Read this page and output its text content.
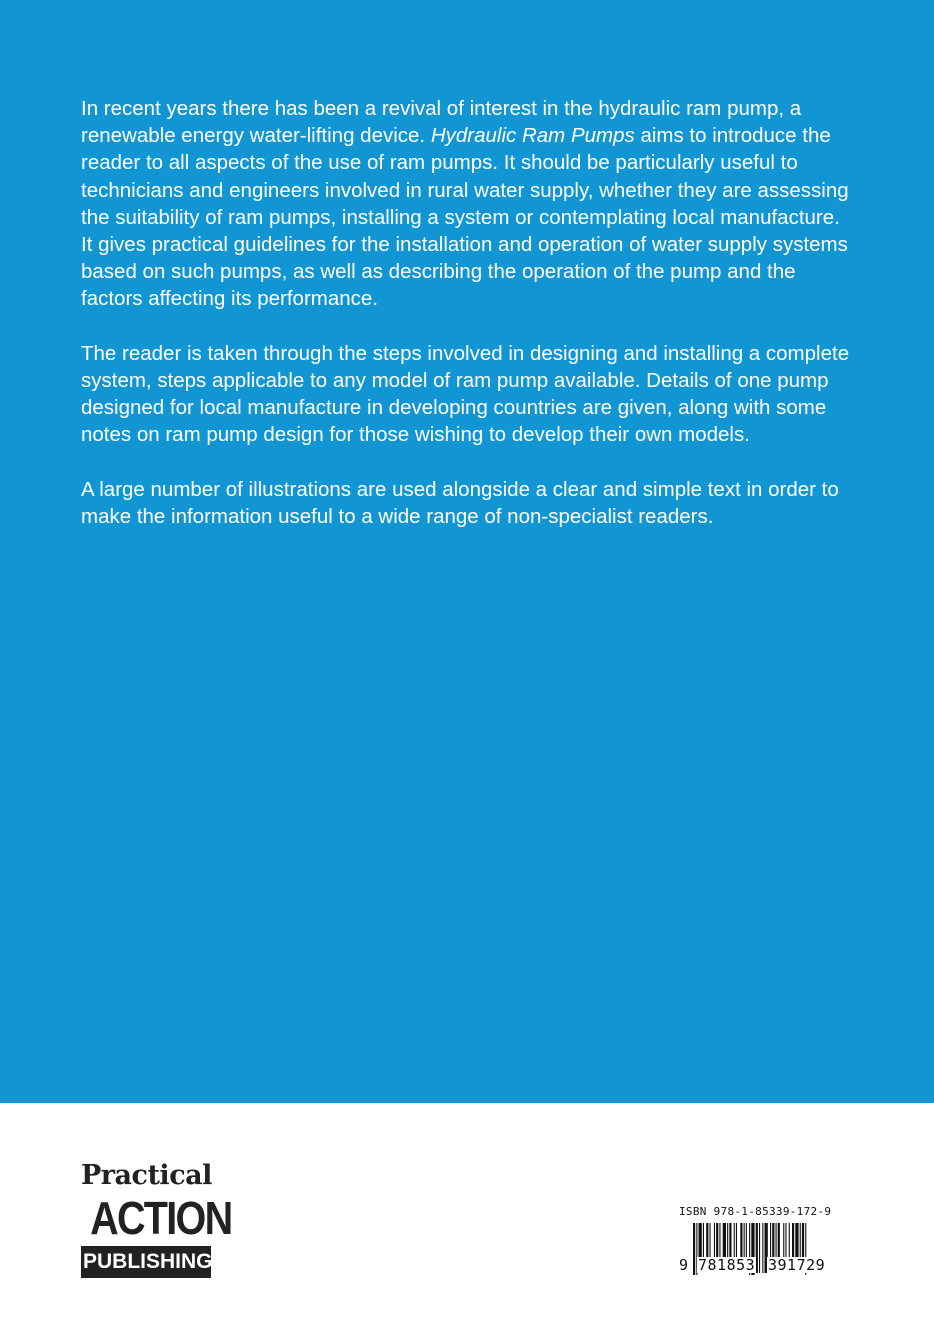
In recent years there has been a revival of interest in the hydraulic ram pump, a renewable energy water-lifting device. Hydraulic Ram Pumps aims to introduce the reader to all aspects of the use of ram pumps. It should be particularly useful to technicians and engineers involved in rural water supply, whether they are assessing the suitability of ram pumps, installing a system or contemplating local manufacture. It gives practical guidelines for the installation and operation of water supply systems based on such pumps, as well as describing the operation of the pump and the factors affecting its performance.

The reader is taken through the steps involved in designing and installing a complete system, steps applicable to any model of ram pump available. Details of one pump designed for local manufacture in developing countries are given, along with some notes on ram pump design for those wishing to develop their own models.

A large number of illustrations are used alongside a clear and simple text in order to make the information useful to a wide range of non-specialist readers.

Practical
ACTION
PUBLISHING
ISBN 978-1-85339-172-9
9 781853 391729
